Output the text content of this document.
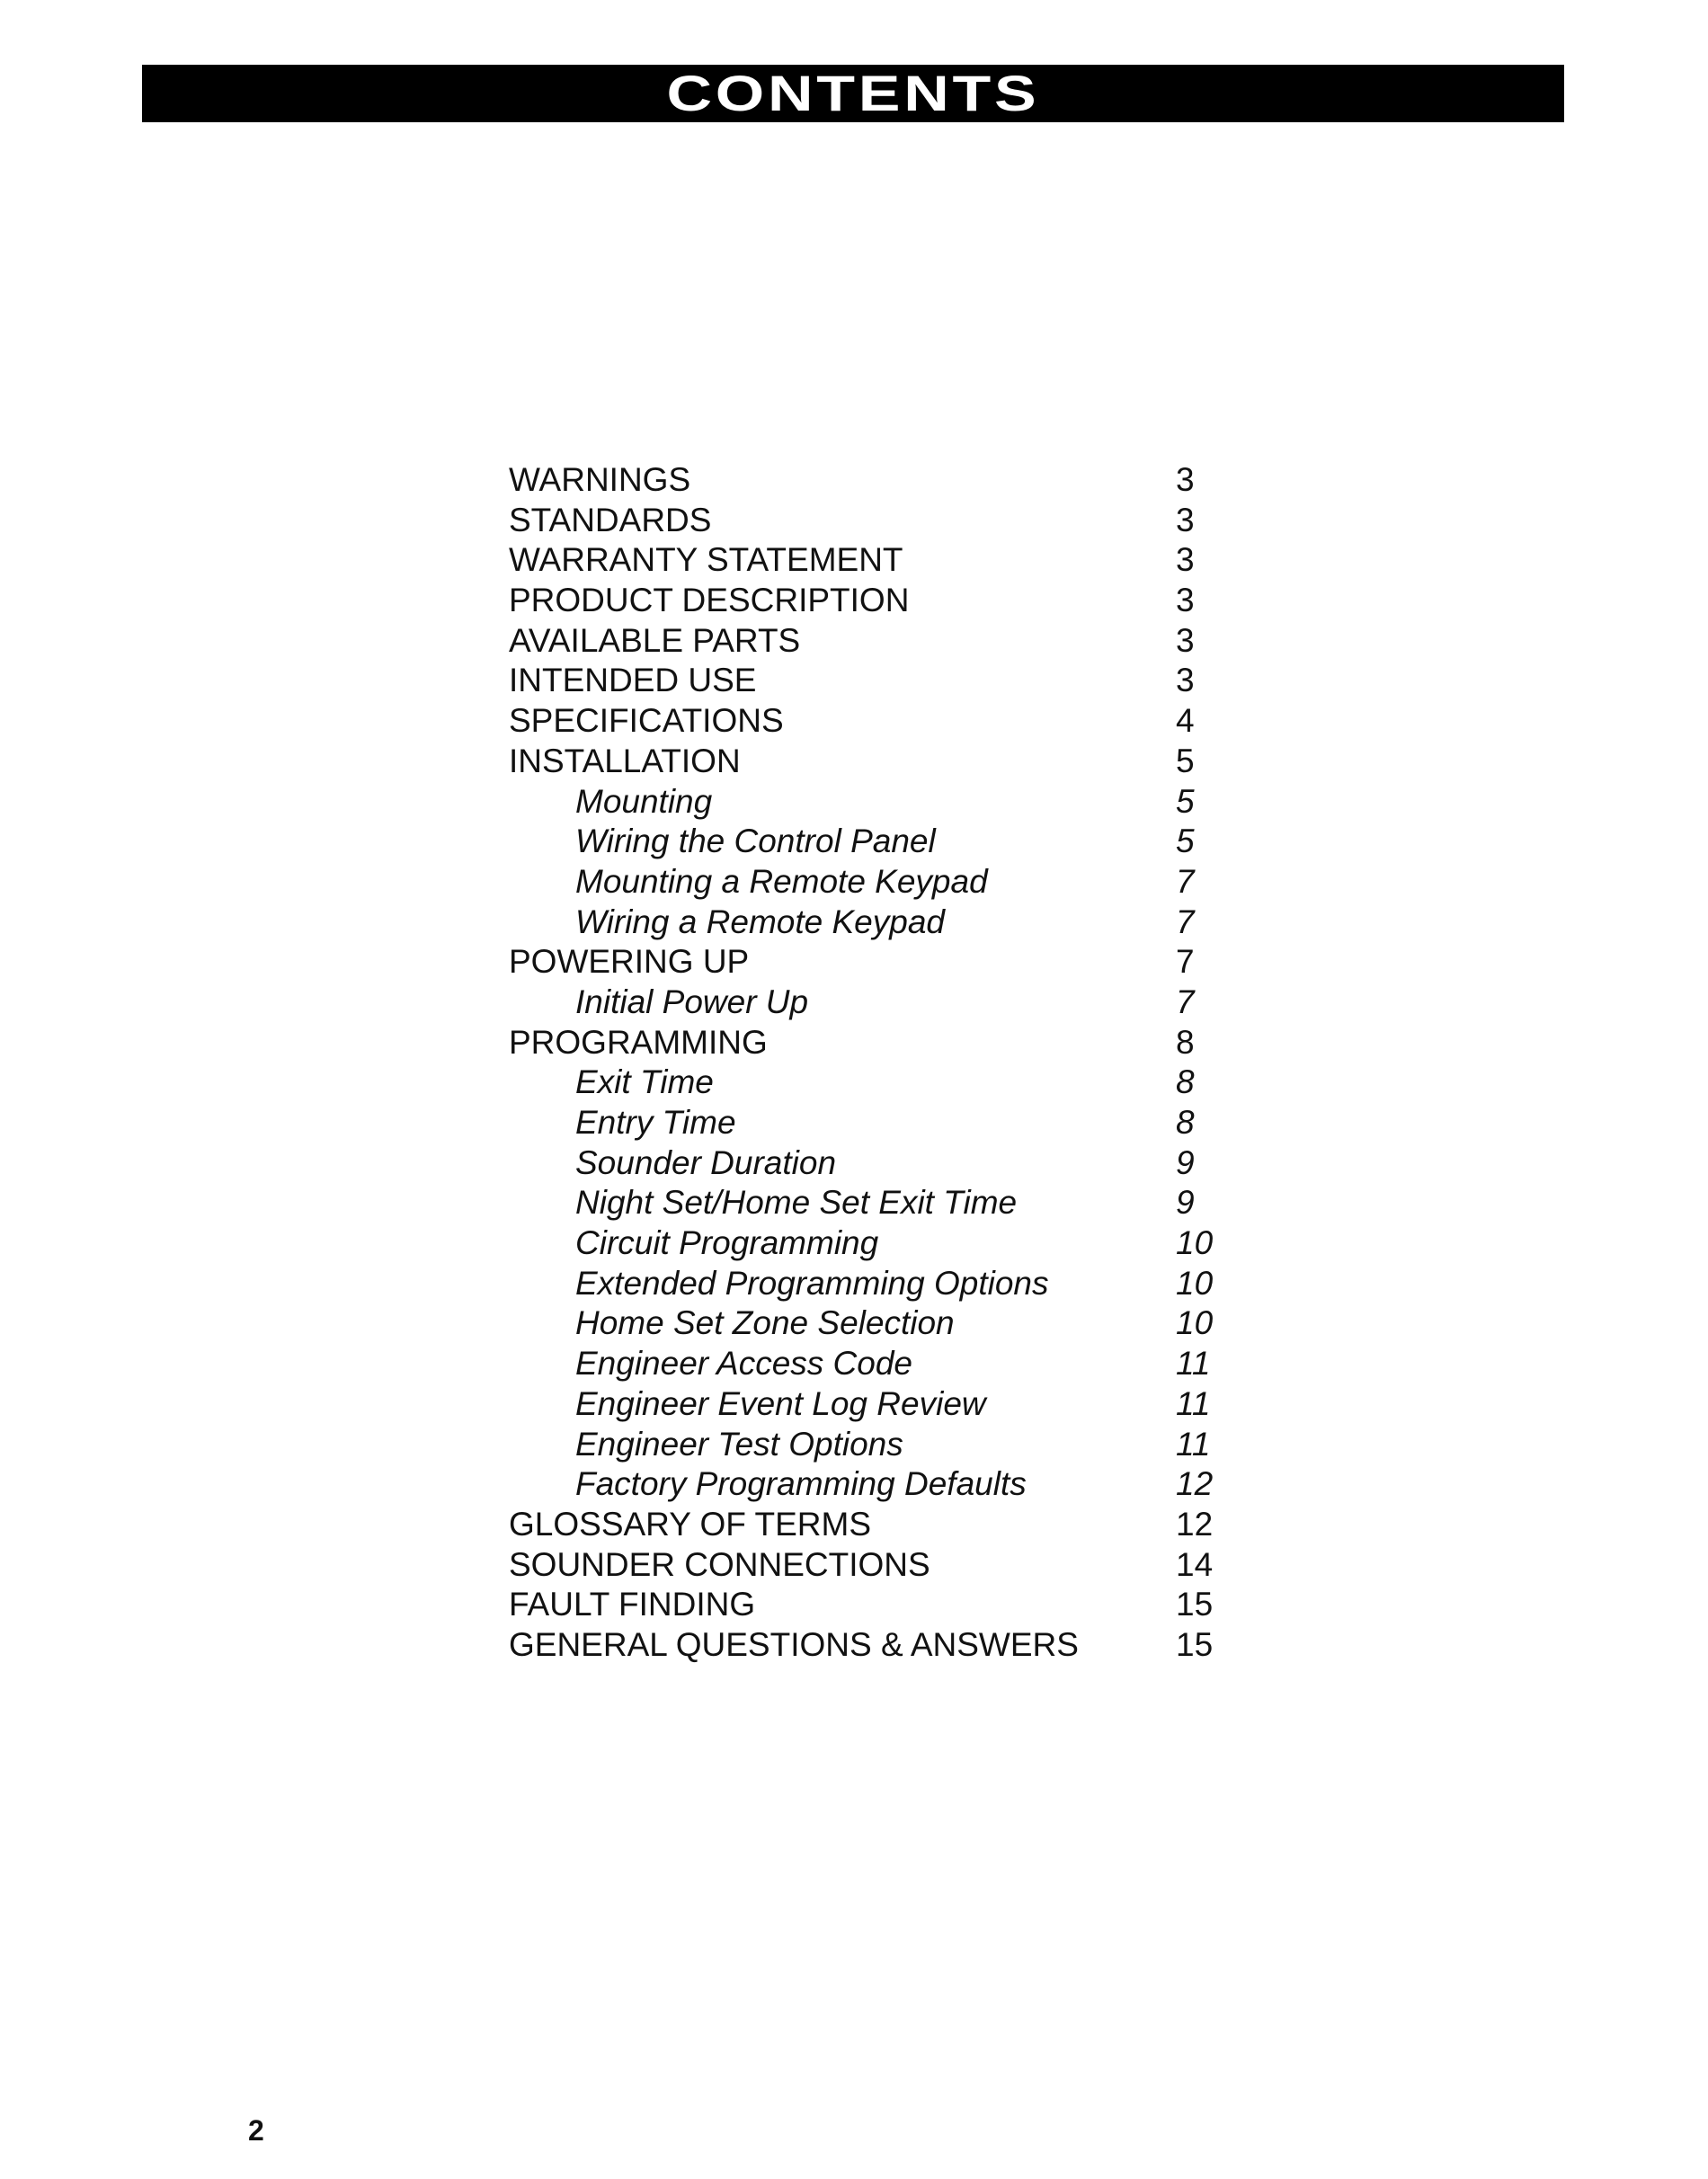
CONTENTS
WARNINGS	3
STANDARDS	3
WARRANTY STATEMENT	3
PRODUCT DESCRIPTION	3
AVAILABLE PARTS	3
INTENDED USE	3
SPECIFICATIONS	4
INSTALLATION	5
Mounting	5
Wiring the Control Panel	5
Mounting a Remote Keypad	7
Wiring a Remote Keypad	7
POWERING UP	7
Initial Power Up	7
PROGRAMMING	8
Exit Time	8
Entry Time	8
Sounder Duration	9
Night Set/Home Set Exit Time	9
Circuit Programming	10
Extended Programming Options	10
Home Set Zone Selection	10
Engineer Access Code	11
Engineer Event Log Review	11
Engineer Test Options	11
Factory Programming Defaults	12
GLOSSARY OF TERMS	12
SOUNDER CONNECTIONS	14
FAULT FINDING	15
GENERAL QUESTIONS & ANSWERS	15
2
